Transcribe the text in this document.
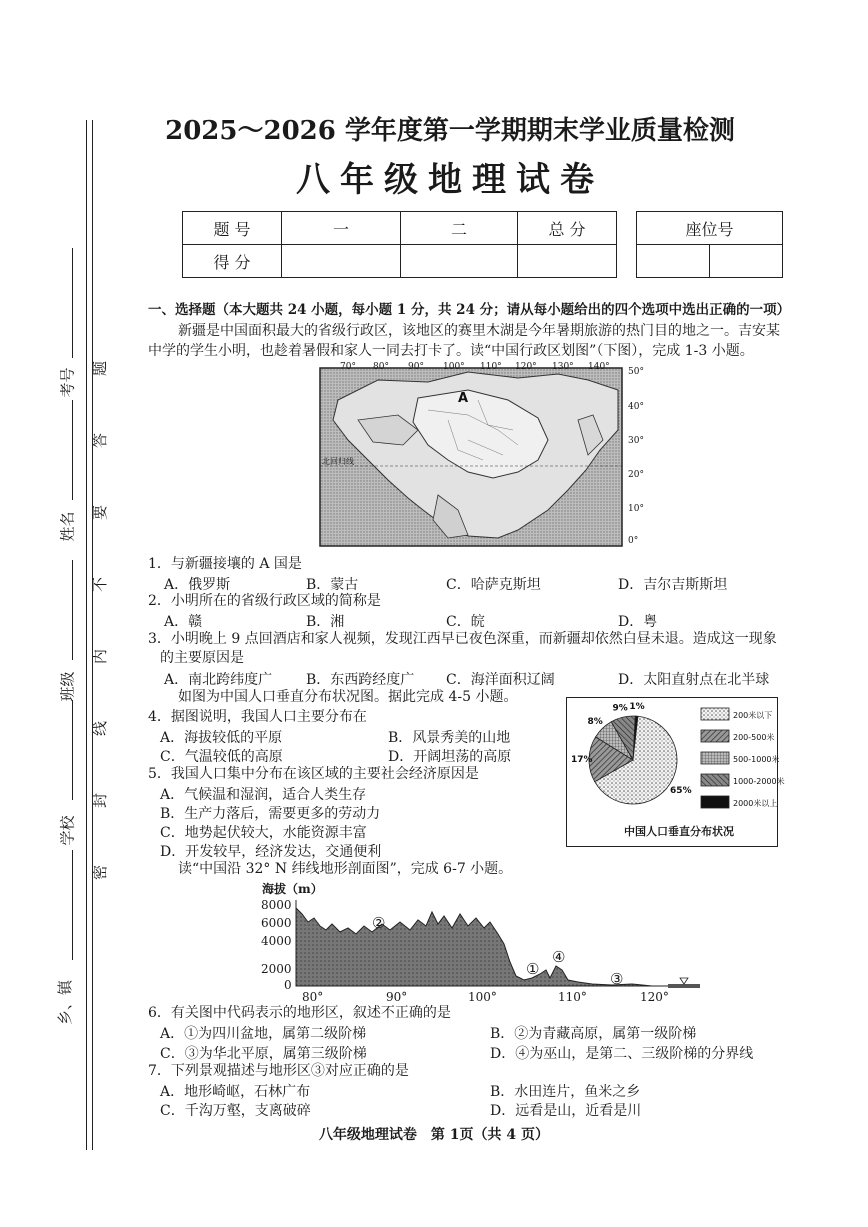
考号
姓名
班级
学校
乡、镇
题
答
要
不
内
线
封
密
2025～2026 学年度第一学期期末学业质量检测
八年级地理试卷
题 号	一	二	总 分
得 分			
座位号

一、选择题（本大题共 24 小题，每小题 1 分，共 24 分；请从每小题给出的四个选项中选出正确的一项）
新疆是中国面积最大的省级行政区，该地区的赛里木湖是今年暑期旅游的热门目的地之一。吉安某
中学的学生小明，也趁着暑假和家人一同去打卡了。读“中国行政区划图”（下图），完成 1-3 小题。
A
北回归线
70° 80° 90° 100° 110° 120° 130° 140° 50°
40°
30°
20°
10°
0°
1．与新疆接壤的 A 国是
A．俄罗斯	B．蒙古	C．哈萨克斯坦	D．吉尔吉斯斯坦
2．小明所在的省级行政区域的简称是
A．赣	B．湘	C．皖	D．粤
3．小明晚上 9 点回酒店和家人视频，发现江西早已夜色深重，而新疆却依然白昼未退。造成这一现象
的主要原因是
A．南北跨纬度广 B．东西跨经度广 C．海洋面积辽阔	D．太阳直射点在北半球
如图为中国人口垂直分布状况图。据此完成 4-5 小题。
4．据图说明，我国人口主要分布在
A．海拔较低的平原	B．风景秀美的山地
C．气温较低的高原	D．开阔坦荡的高原
5．我国人口集中分布在该区域的主要社会经济原因是
A．气候温和湿润，适合人类生存
B．生产力落后，需要更多的劳动力
C．地势起伏较大，水能资源丰富
D．开发较早，经济发达，交通便利
65%
17%
8%
9% 1%
200米以下
200-500米
500-1000米
1000-2000米
2000米以上
中国人口垂直分布状况
读“中国沿 32° N 纬线地形剖面图”，完成 6-7 小题。
海拔（m）
8000
6000
4000
2000
0
②
①
④
③
80°	90°	100°	110°	120°
6．有关图中代码表示的地形区，叙述不正确的是
A．①为四川盆地，属第二级阶梯	B．②为青藏高原，属第一级阶梯
C．③为华北平原，属第三级阶梯	D．④为巫山，是第二、三级阶梯的分界线
7．下列景观描述与地形区③对应正确的是
A．地形崎岖，石林广布	B．水田连片，鱼米之乡
C．千沟万壑，支离破碎	D．远看是山，近看是川
八年级地理试卷　第 1页（共 4 页）
